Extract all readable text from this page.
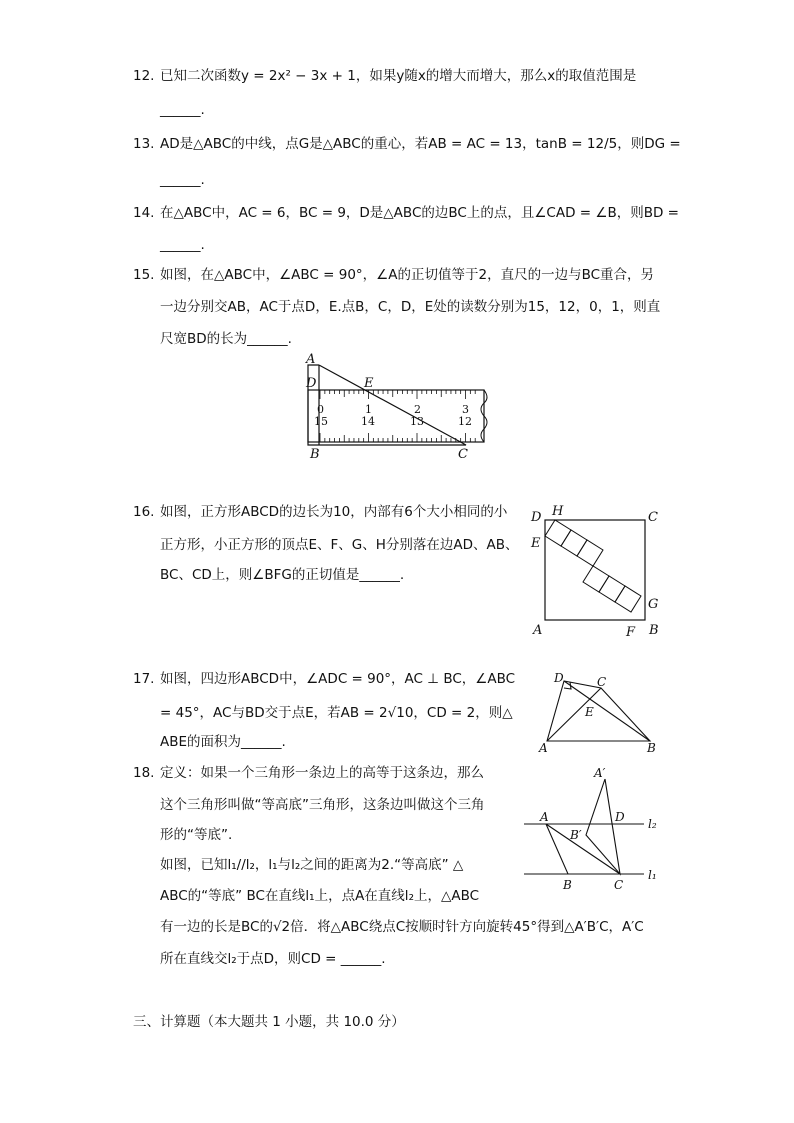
12. 已知二次函数y = 2x² − 3x + 1，如果y随x的增大而增大，那么x的取值范围是
______.
13. AD是△ABC的中线，点G是△ABC的重心，若AB = AC = 13，tanB = 12/5，则DG =
______.
14. 在△ABC中，AC = 6，BC = 9，D是△ABC的边BC上的点，且∠CAD = ∠B，则BD =
______.
15. 如图，在△ABC中，∠ABC = 90°，∠A的正切值等于2，直尺的一边与BC重合，另
一边分别交AB，AC于点D，E.点B，C，D，E处的读数分别为15，12，0，1，则直
尺宽BD的长为______.
A
D	E
B	C
0	1	2	3
15	14	13	12
16. 如图，正方形ABCD的边长为10，内部有6个大小相同的小
正方形，小正方形的顶点E、F、G、H分别落在边AD、AB、
BC、CD上，则∠BFG的正切值是______.
D H	C
E
G
A	F B
17. 如图，四边形ABCD中，∠ADC = 90°，AC ⊥ BC，∠ABC
= 45°，AC与BD交于点E，若AB = 2√10，CD = 2，则△
ABE的面积为______.
D	C
E
A	B
18. 定义：如果一个三角形一条边上的高等于这条边，那么
这个三角形叫做“等高底”三角形，这条边叫做这个三角
形的“等底”.
如图，已知l₁//l₂，l₁与l₂之间的距离为2.“等高底” △
ABC的“等底” BC在直线l₁上，点A在直线l₂上，△ABC
有一边的长是BC的√2倍．将△ABC绕点C按顺时针方向旋转45°得到△A′B′C，A′C
所在直线交l₂于点D，则CD = ______.
A′
A	D l₂
B′
B	C
l₁
三、计算题（本大题共 1 小题，共 10.0 分）
